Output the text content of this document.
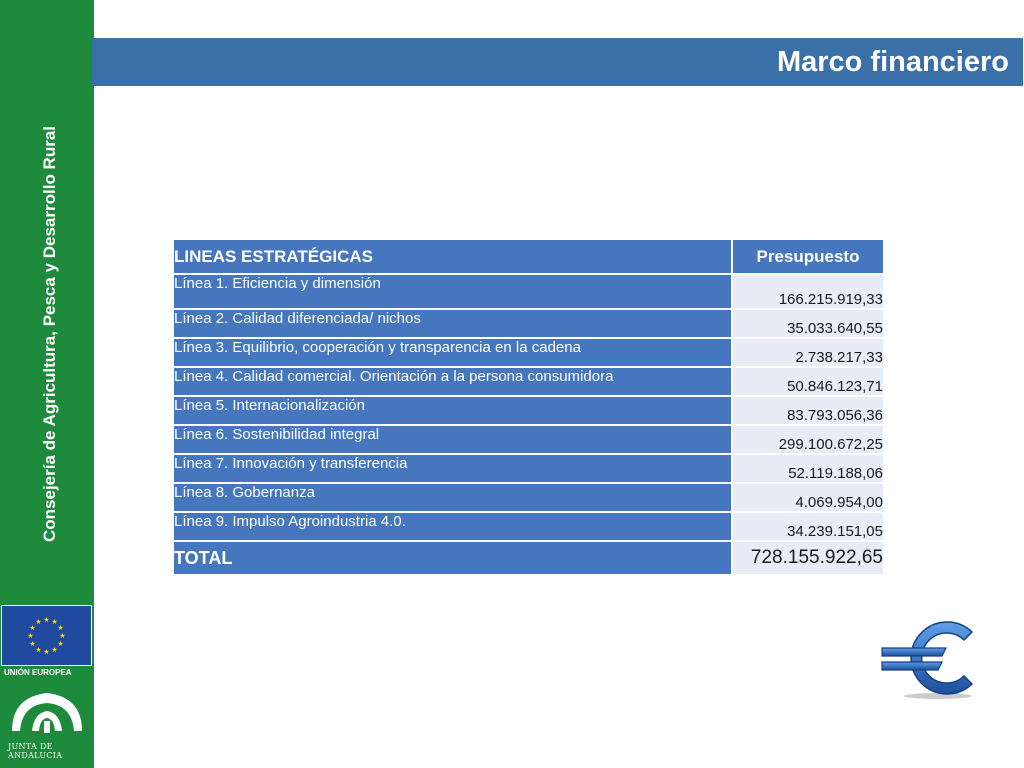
Consejería de Agricultura, Pesca y Desarrollo Rural
★ ★
★
★
★
★
★
★
★
★
★
★
UNIÓN EUROPEA
JUNTA DE ANDALUCIA
Marco financiero
LINEAS ESTRATÉGICAS	Presupuesto
Línea 1. Eficiencia y dimensión	166.215.919,33
Línea 2. Calidad diferenciada/ nichos	35.033.640,55
Línea 3. Equilibrio, cooperación y transparencia en la cadena	2.738.217,33
Línea 4. Calidad comercial. Orientación a la persona consumidora	50.846.123,71
Línea 5. Internacionalización	83.793.056,36
Línea 6. Sostenibilidad integral	299.100.672,25
Línea 7. Innovación y transferencia	52.119.188,06
Línea 8. Gobernanza	4.069.954,00
Línea 9. Impulso Agroindustria 4.0.	34.239.151,05
TOTAL	728.155.922,65
